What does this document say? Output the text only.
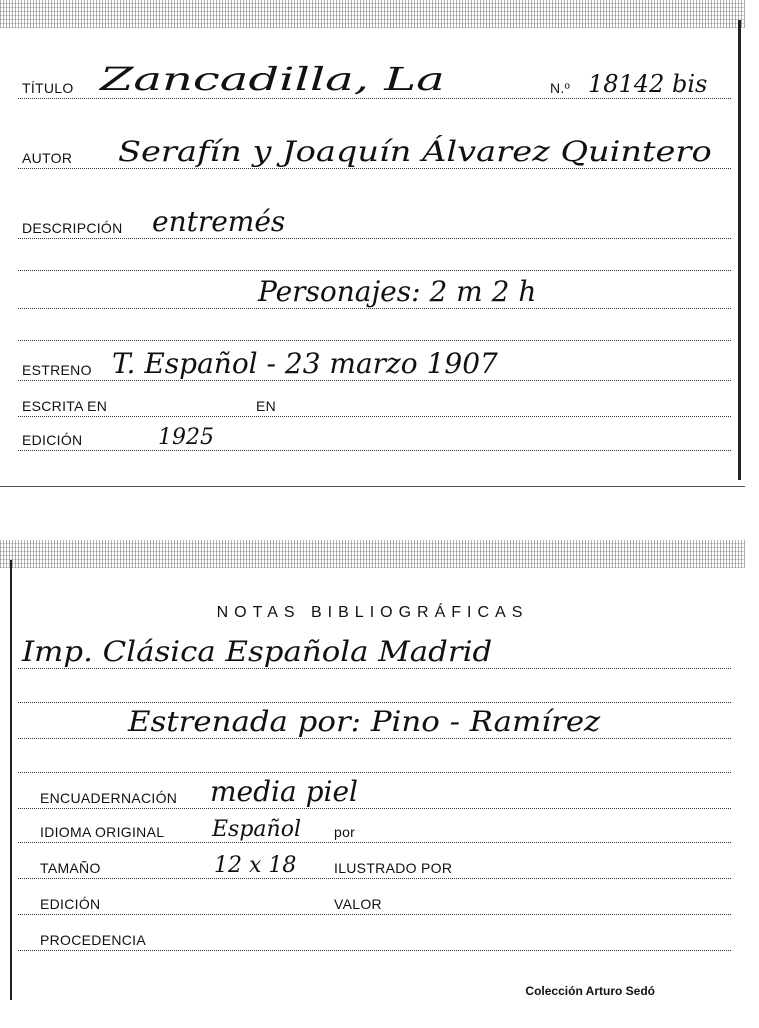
TÍTULO Zancadilla, La	N.º 18142 bis
AUTOR Serafín y Joaquín Álvarez Quintero
DESCRIPCIÓN entremés
Personajes: 2 m 2 h
ESTRENO T. Español - 23 marzo 1907
ESCRITA EN	EN
EDICIÓN	1925
NOTAS BIBLIOGRÁFICAS
Imp. Clásica Española Madrid
Estrenada por: Pino - Ramírez
ENCUADERNACIÓN media piel
IDIOMA ORIGINAL Español por
TAMAÑO	12 x 18	ILUSTRADO POR
EDICIÓN	VALOR
PROCEDENCIA
Colección Arturo Sedó
